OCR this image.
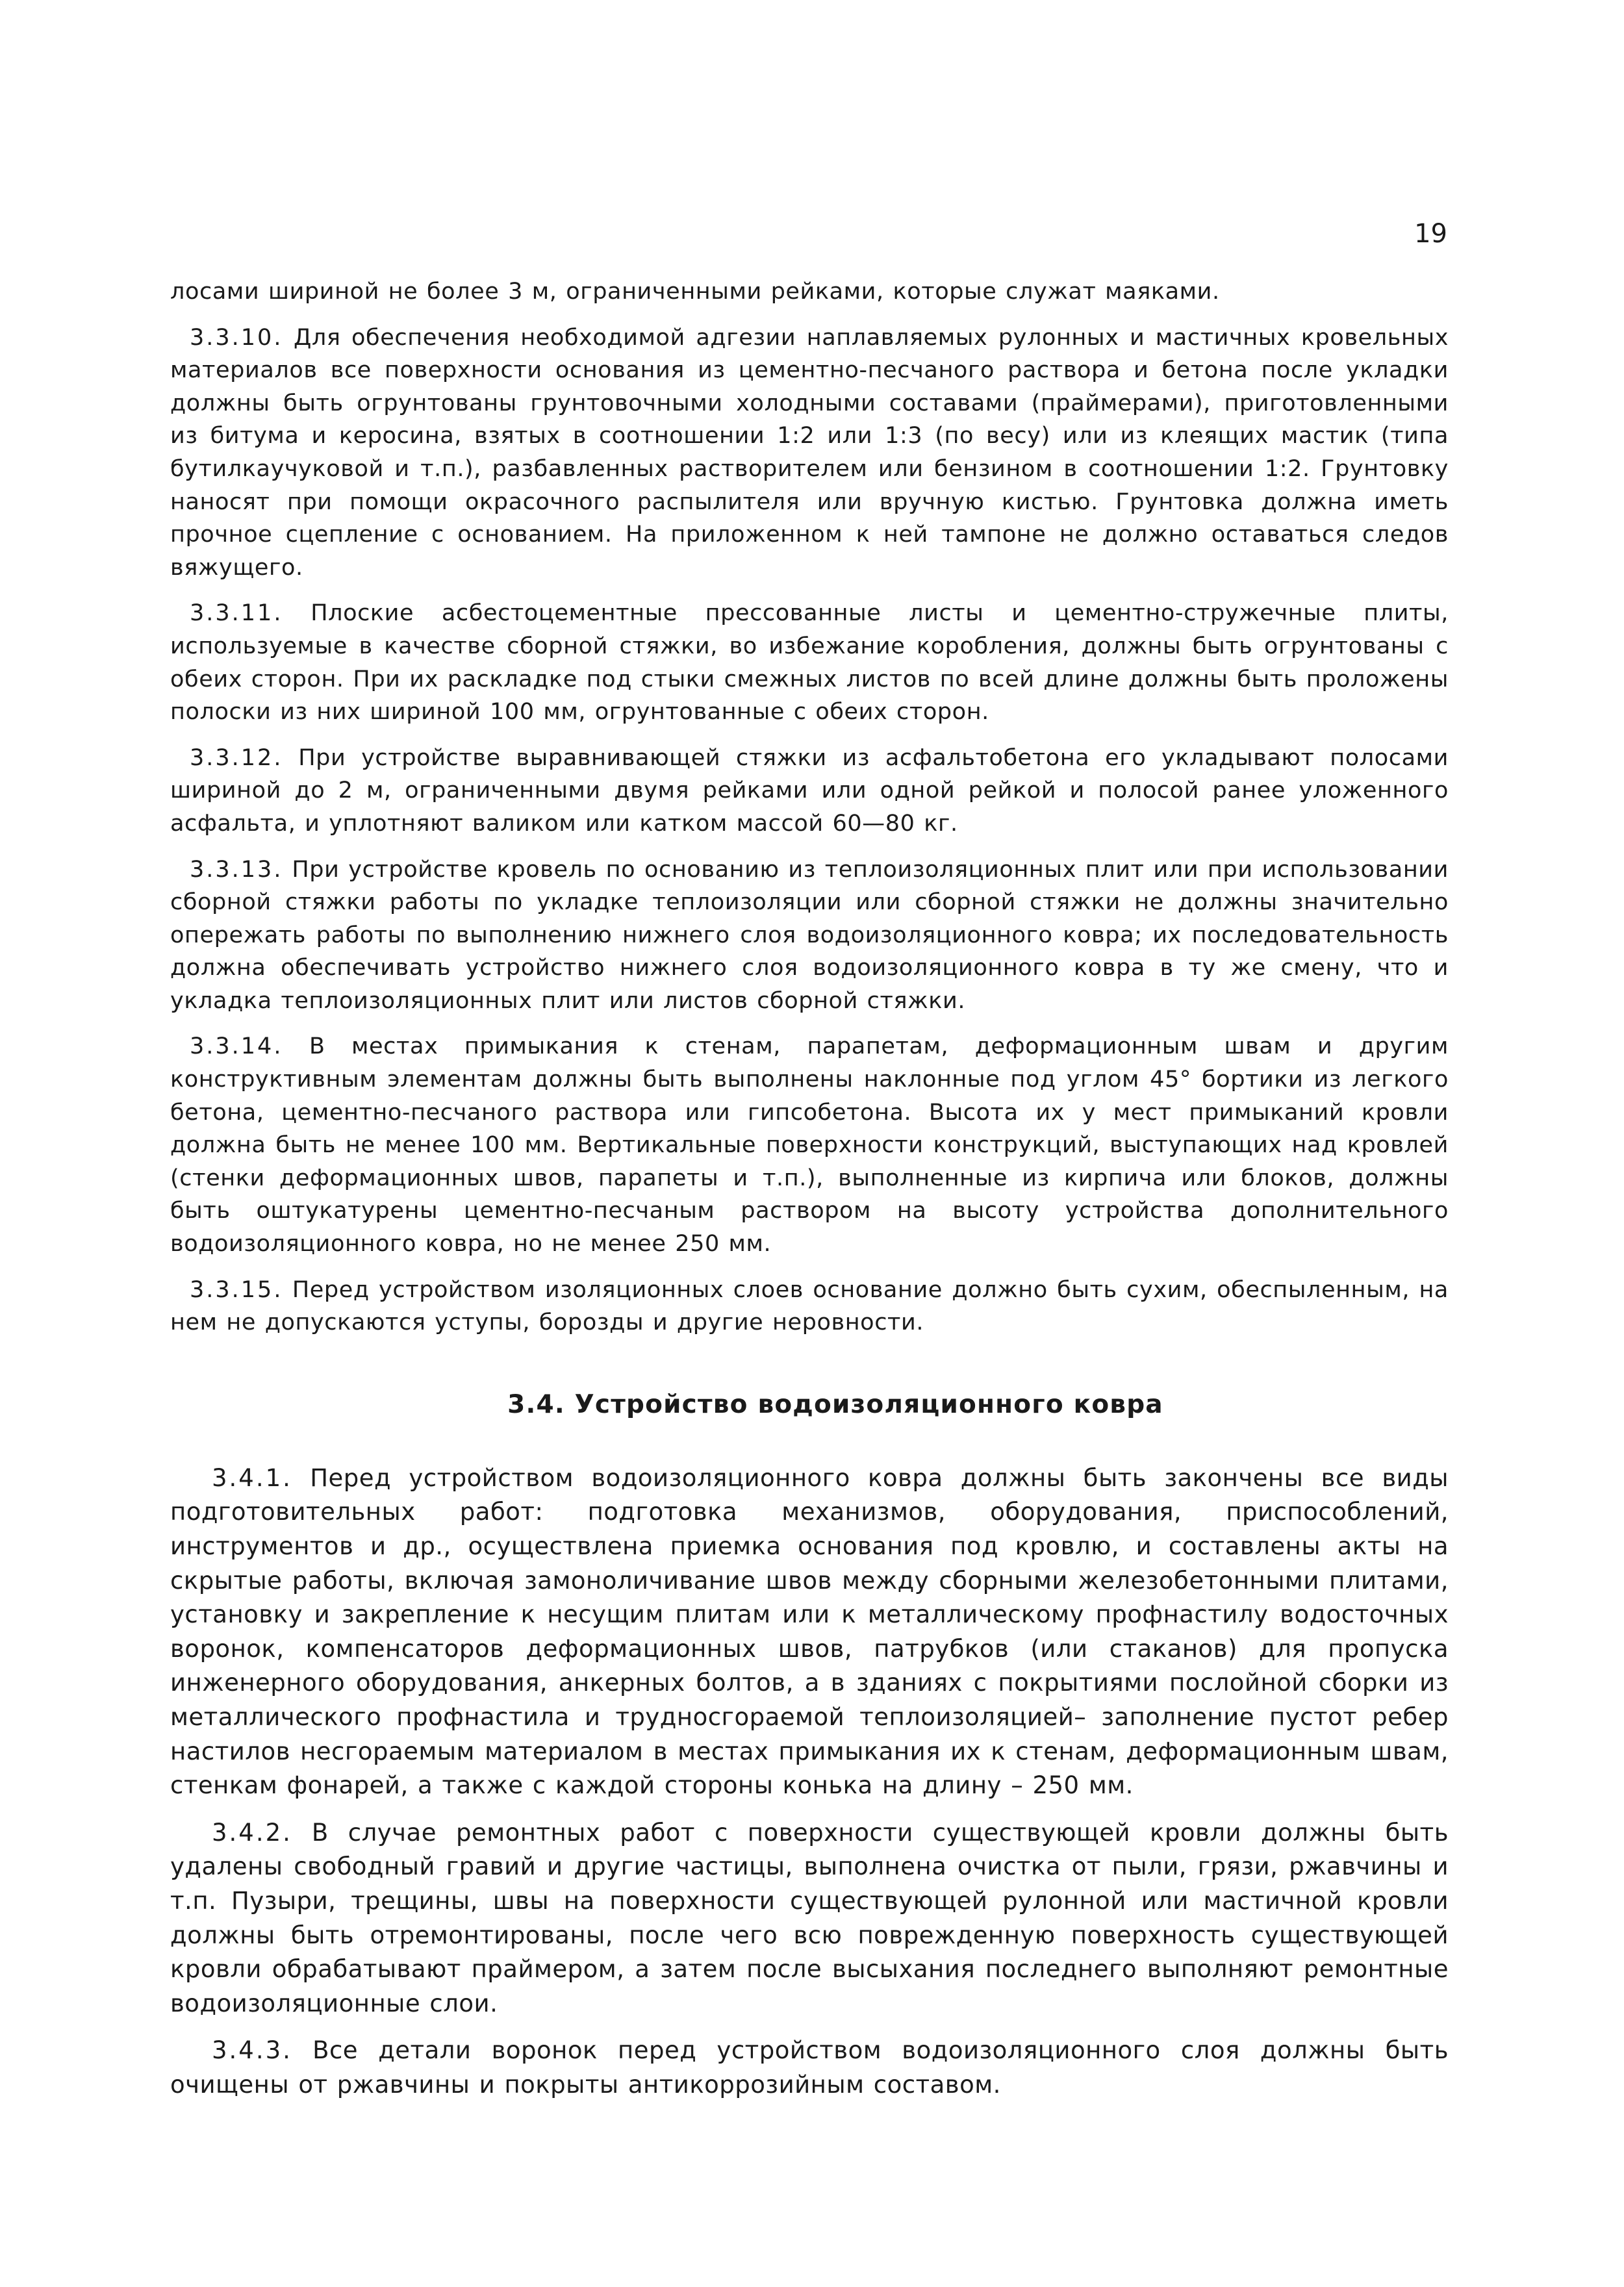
19

лосами шириной не более 3 м, ограниченными рейками, которые служат маяками.

3.3.10. Для обеспечения необходимой адгезии наплавляемых рулонных и мастичных кровельных материалов все поверхности основания из цементно-песчаного раствора и бетона после укладки должны быть огрунтованы грунтовочными холодными составами (праймерами), приготовленными из битума и керосина, взятых в соотношении 1:2 или 1:3 (по весу) или из клеящих мастик (типа бутилкаучуковой и т.п.), разбавленных растворителем или бензином в соотношении 1:2. Грунтовку наносят при помощи окрасочного распылителя или вручную кистью. Грунтовка должна иметь прочное сцепление с основанием. На приложенном к ней тампоне не должно оставаться следов вяжущего.

3.3.11. Плоские асбестоцементные прессованные листы и цементно-стружечные плиты, используемые в качестве сборной стяжки, во избежание коробления, должны быть огрунтованы с обеих сторон. При их раскладке под стыки смежных листов по всей длине должны быть проложены полоски из них шириной 100 мм, огрунтованные с обеих сторон.

3.3.12. При устройстве выравнивающей стяжки из асфальтобетона его укладывают полосами шириной до 2 м, ограниченными двумя рейками или одной рейкой и полосой ранее уложенного асфальта, и уплотняют валиком или катком массой 60—80 кг.

3.3.13. При устройстве кровель по основанию из теплоизоляционных плит или при использовании сборной стяжки работы по укладке теплоизоляции или сборной стяжки не должны значительно опережать работы по выполнению нижнего слоя водоизоляционного ковра; их последовательность должна обеспечивать устройство нижнего слоя водоизоляционного ковра в ту же смену, что и укладка теплоизоляционных плит или листов сборной стяжки.

3.3.14. В местах примыкания к стенам, парапетам, деформационным швам и другим конструктивным элементам должны быть выполнены наклонные под углом 45° бортики из легкого бетона, цементно-песчаного раствора или гипсобетона. Высота их у мест примыканий кровли должна быть не менее 100 мм. Вертикальные поверхности конструкций, выступающих над кровлей (стенки деформационных швов, парапеты и т.п.), выполненные из кирпича или блоков, должны быть оштукатурены цементно-песчаным раствором на высоту устройства дополнительного водоизоляционного ковра, но не менее 250 мм.

3.3.15. Перед устройством изоляционных слоев основание должно быть сухим, обеспыленным, на нем не допускаются уступы, борозды и другие неровности.

3.4. Устройство водоизоляционного ковра

3.4.1. Перед устройством водоизоляционного ковра должны быть закончены все виды подготовительных работ: подготовка механизмов, оборудования, приспособлений, инструментов и др., осуществлена приемка основания под кровлю, и составлены акты на скрытые работы, включая замоноличивание швов между сборными железобетонными плитами, установку и закрепление к несущим плитам или к металлическому профнастилу водосточных воронок, компенсаторов деформационных швов, патрубков (или стаканов) для пропуска инженерного оборудования, анкерных болтов, а в зданиях с покрытиями послойной сборки из металлического профнастила и трудносгораемой теплоизоляцией– заполнение пустот ребер настилов несгораемым материалом в местах примыкания их к стенам, деформационным швам, стенкам фонарей, а также с каждой стороны конька на длину – 250 мм.

3.4.2. В случае ремонтных работ с поверхности существующей кровли должны быть удалены свободный гравий и другие частицы, выполнена очистка от пыли, грязи, ржавчины и т.п. Пузыри, трещины, швы на поверхности существующей рулонной или мастичной кровли должны быть отремонтированы, после чего всю поврежденную поверхность существующей кровли обрабатывают праймером, а затем после высыхания последнего выполняют ремонтные водоизоляционные слои.

3.4.3. Все детали воронок перед устройством водоизоляционного слоя должны быть очищены от ржавчины и покрыты антикоррозийным составом.
